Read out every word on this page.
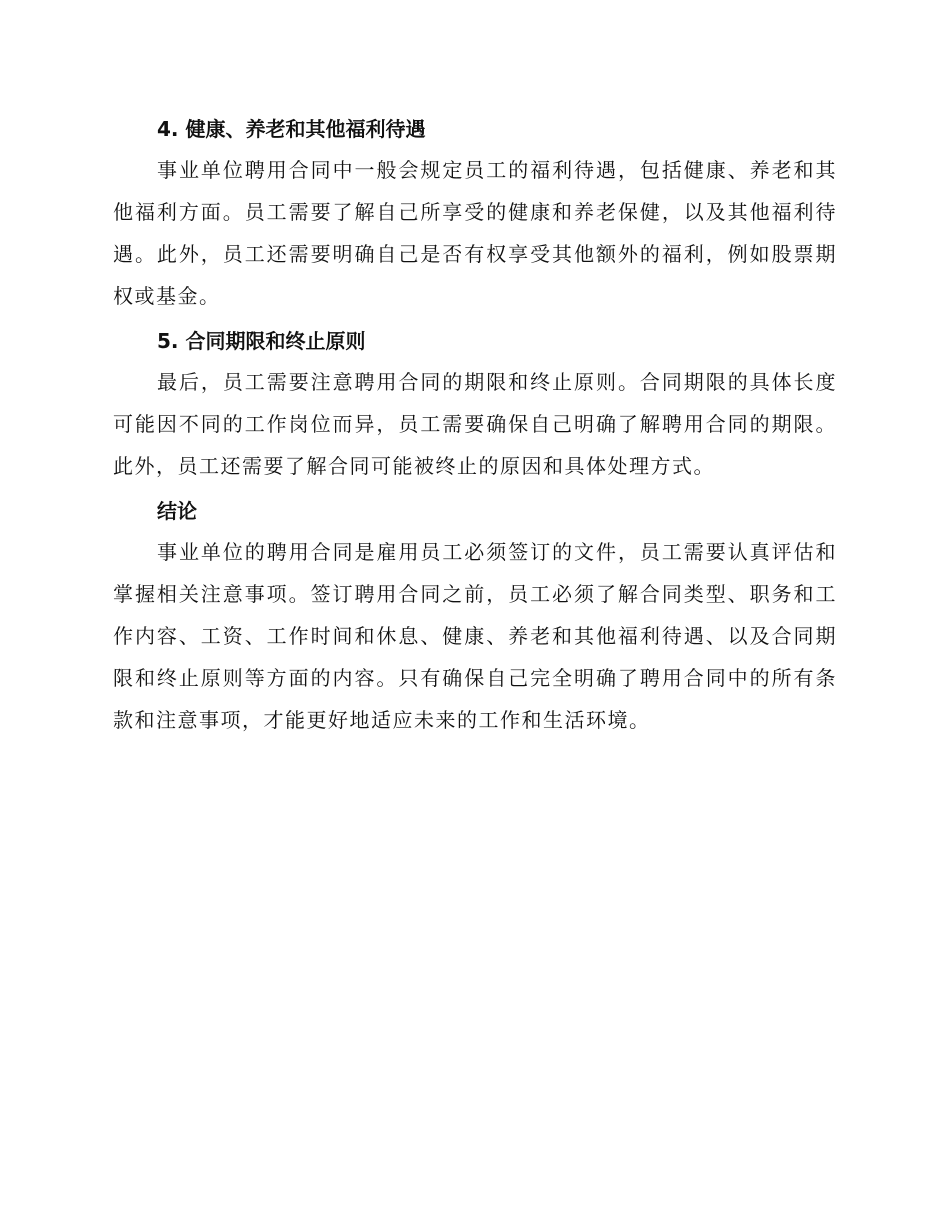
4. 健康、养老和其他福利待遇

事业单位聘用合同中一般会规定员工的福利待遇，包括健康、养老和其他福利方面。员工需要了解自己所享受的健康和养老保健，以及其他福利待遇。此外，员工还需要明确自己是否有权享受其他额外的福利，例如股票期权或基金。

5. 合同期限和终止原则

最后，员工需要注意聘用合同的期限和终止原则。合同期限的具体长度可能因不同的工作岗位而异，员工需要确保自己明确了解聘用合同的期限。此外，员工还需要了解合同可能被终止的原因和具体处理方式。

结论

事业单位的聘用合同是雇用员工必须签订的文件，员工需要认真评估和掌握相关注意事项。签订聘用合同之前，员工必须了解合同类型、职务和工作内容、工资、工作时间和休息、健康、养老和其他福利待遇、以及合同期限和终止原则等方面的内容。只有确保自己完全明确了聘用合同中的所有条款和注意事项，才能更好地适应未来的工作和生活环境。
